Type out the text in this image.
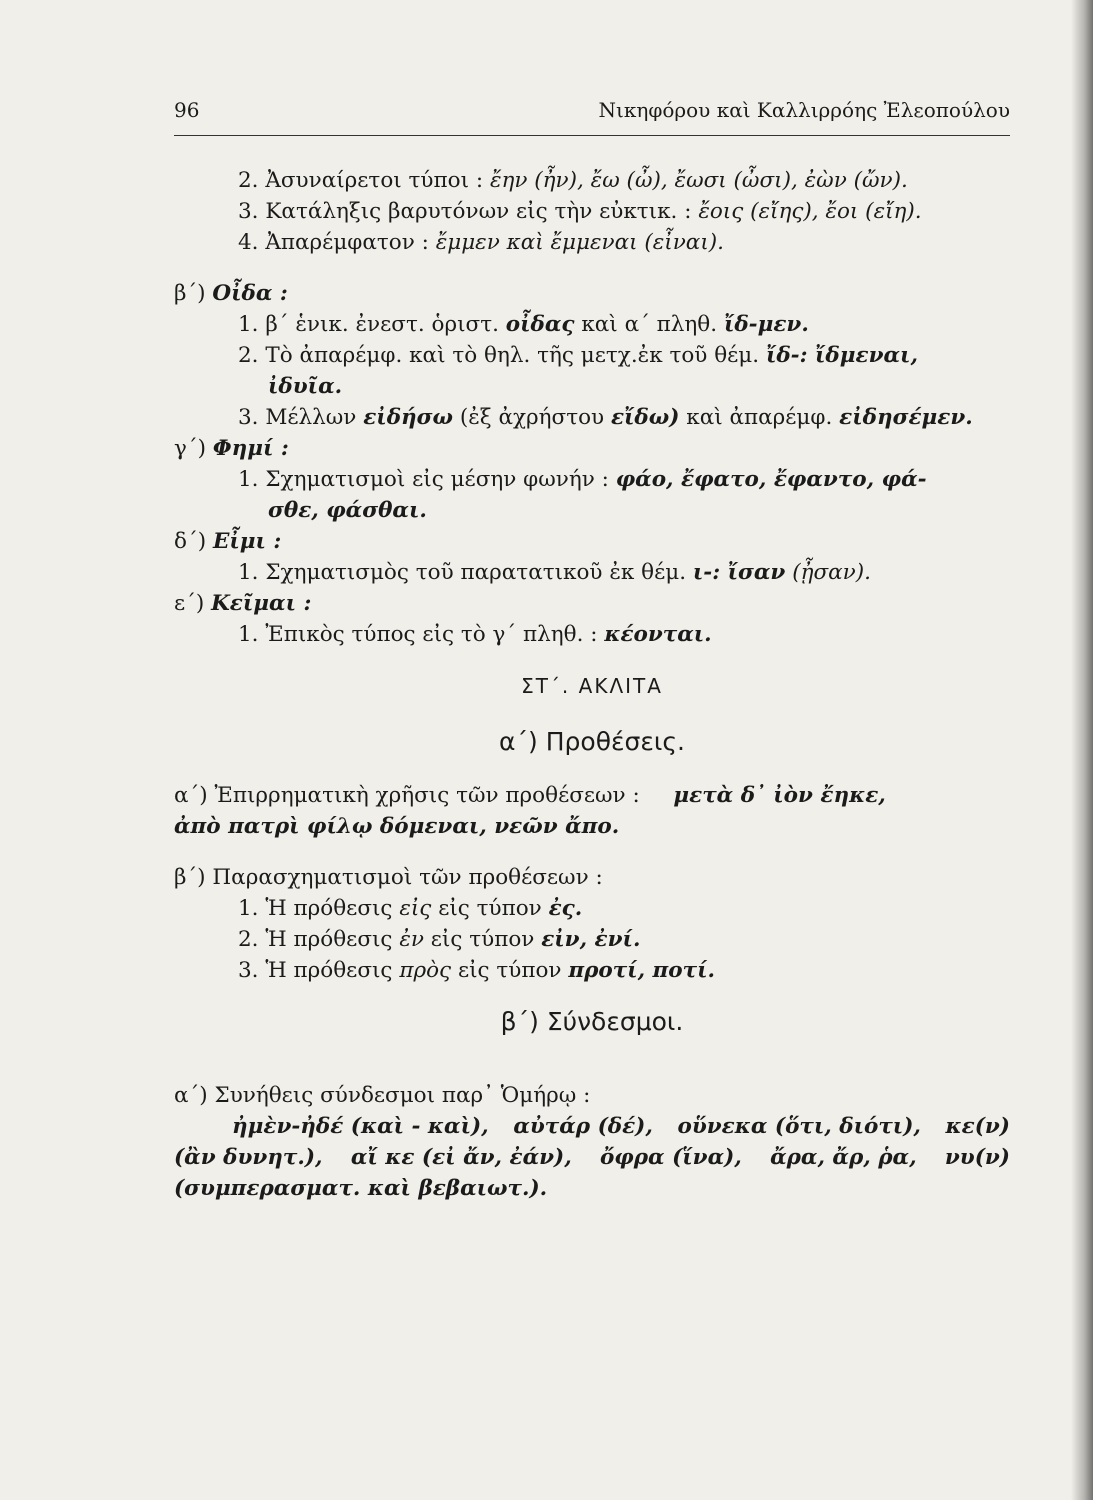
96	Νικηφόρου καὶ Καλλιρρόης Ἐλεοπούλου
2. Ἀσυναίρετοι τύποι : ἔην (ἦν), ἔω (ὦ), ἔωσι (ὦσι), ἐὼν (ὤν).
3. Κατάληξις βαρυτόνων εἰς τὴν εὐκτικ. : ἔοις (εἴης), ἔοι (εἴη).
4. Ἀπαρέμφατον : ἔμμεν καὶ ἔμμεναι (εἶναι).
β΄) Οἶδα :
1. β΄ ἑνικ. ἐνεστ. ὁριστ. οἶδας καὶ α΄ πληθ. ἴδ-μεν.
2. Τὸ ἀπαρέμφ. καὶ τὸ θηλ. τῆς μετχ.ἐκ τοῦ θέμ. ἴδ-: ἴδμεναι,
ἰδυῖα.
3. Μέλλων εἰδήσω (ἐξ ἀχρήστου εἴδω) καὶ ἀπαρέμφ. εἰδησέμεν.
γ΄) Φημί :
1. Σχηματισμοὶ εἰς μέσην φωνήν : φάο, ἔφατο, ἔφαντο, φά-
σθε, φάσθαι.
δ΄) Εἶμι :
1. Σχηματισμὸς τοῦ παρατατικοῦ ἐκ θέμ. ι-: ἴσαν (ᾖσαν).
ε΄) Κεῖμαι :
1. Ἐπικὸς τύπος εἰς τὸ γ΄ πληθ. : κέονται.
ΣΤ΄. ΑΚΛΙΤΑ
α΄) Προθέσεις.
α΄) Ἐπιρρηματικὴ χρῆσις τῶν προθέσεων : μετὰ δ᾽ ἰὸν ἔηκε,
ἀπὸ πατρὶ φίλῳ δόμεναι, νεῶν ἄπο.
β΄) Παρασχηματισμοὶ τῶν προθέσεων :
1. Ἡ πρόθεσις εἰς εἰς τύπον ἐς.
2. Ἡ πρόθεσις ἐν εἰς τύπον εἰν, ἐνί.
3. Ἡ πρόθεσις πρὸς εἰς τύπον προτί, ποτί.
β΄) Σύνδεσμοι.
α΄) Συνήθεις σύνδεσμοι παρ᾽ Ὁμήρῳ :
ἠμὲν-ἠδέ (καὶ - καὶ), αὐτάρ (δέ), οὕνεκα (ὅτι, διότι), κε(ν)
(ἂν δυνητ.), αἴ κε (εἰ ἄν, ἐάν), ὄφρα (ἵνα), ἄρα, ἄρ, ῥα, νυ(ν)
(συμπερασματ. καὶ βεβαιωτ.).
